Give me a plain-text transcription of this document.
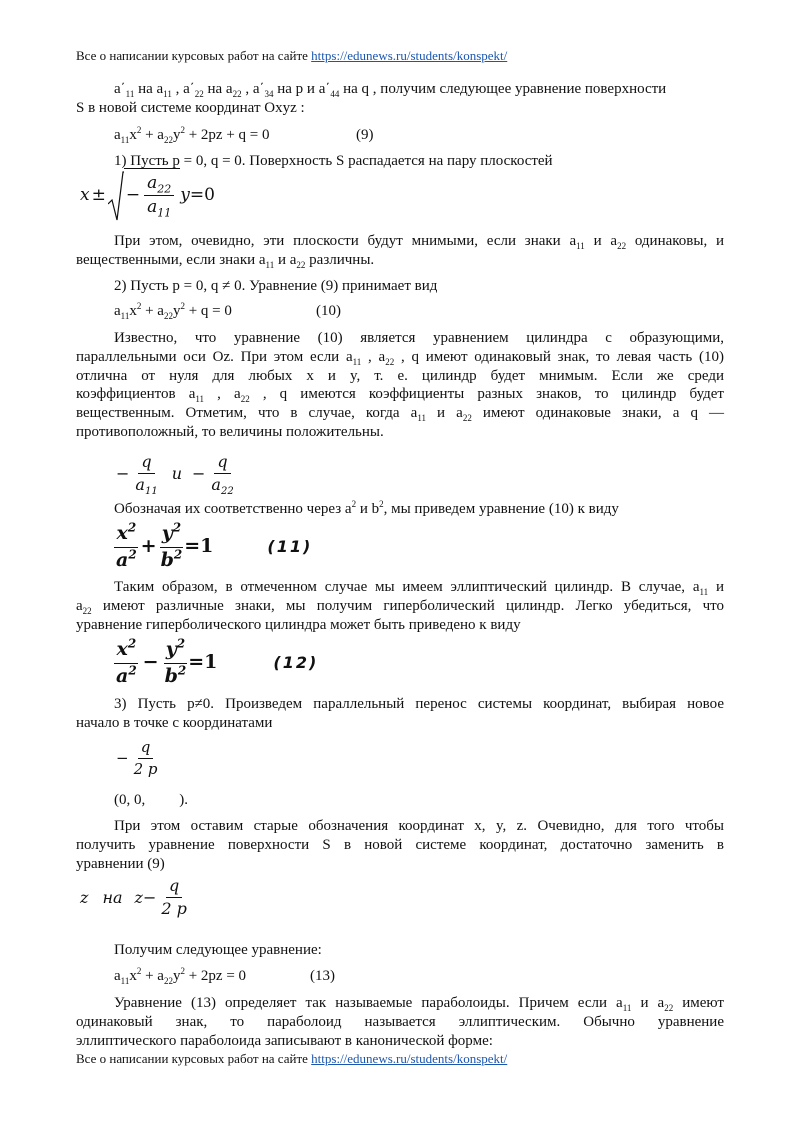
Все о написании курсовых работ на сайте https://edunews.ru/students/konspekt/
$a΄_{11}$ на $a_{11}$ , $a΄_{22}$ на $a_{22}$ , $a΄_{34}$ на p и $a΄_{44}$ на q , получим следующее уравнение поверхности
S в новой системе координат Oxyz :
$a_{11}x^2 + a_{22}y^2 + 2pz + q = 0$	(9)
1) Пусть p = 0, q = 0. Поверхность S распадается на пару плоскостей
x ± − $\frac{a_{22}}{a_{11}}$ y =0
При этом, очевидно, эти плоскости будут мнимыми, если знаки $a_{11}$ и $a_{22}$ одинаковы, и
вещественными, если знаки $a_{11}$ и $a_{22}$ различны.
2) Пусть p = 0, q ≠ 0. Уравнение (9) принимает вид
$a_{11}x^2 + a_{22}y^2 + q = 0$	(10)
Известно, что уравнение (10) является уравнением цилиндра с образующими,
параллельными оси Oz. При этом если $a_{11}$ , $a_{22}$ , q имеют одинаковый знак, то левая часть (10)
отлична от нуля для любых x и y, т. е. цилиндр будет мнимым. Если же среди
коэффициентов $a_{11}$ , $a_{22}$ , q имеются коэффициенты разных знаков, то цилиндр будет
вещественным. Отметим, что в случае, когда $a_{11}$ и $a_{22}$ имеют одинаковые знаки, а q —
противоположный, то величины положительны.
− $\frac{q}{a_{11}}$ $и - \frac{q}{a_{22}}$
Обозначая их соответственно через $a^2$ и $b^2$, мы приведем уравнение (10) к виду
$\frac{x^2}{a^2} + \frac{y^2}{b^2} =1$	(11)
Таким образом, в отмеченном случае мы имеем эллиптический цилиндр. В случае, $a_{11}$ и
$a_{22}$ имеют различные знаки, мы получим гиперболический цилиндр. Легко убедиться, что
уравнение гиперболического цилиндра может быть приведено к виду
$\frac{x^2}{a^2} - \frac{y^2}{b^2} =1$	(12)
3) Пусть p≠0. Произведем параллельный перенос системы координат, выбирая новое
начало в точке с координатами
− $\frac{q}{2 p}$
(0, 0, ).
При этом оставим старые обозначения координат x, y, z. Очевидно, для того чтобы
получить уравнение поверхности S в новой системе координат, достаточно заменить в
уравнении (9)
z на $z - \frac{q}{2 p}$
Получим следующее уравнение:
$a_{11}x^2 + a_{22}y^2 + 2pz = 0$	(13)
Уравнение (13) определяет так называемые параболоиды. Причем если $a_{11}$ и $a_{22}$ имеют
одинаковый знак, то параболоид называется эллиптическим. Обычно уравнение
эллиптического параболоида записывают в канонической форме:
Все о написании курсовых работ на сайте https://edunews.ru/students/konspekt/
